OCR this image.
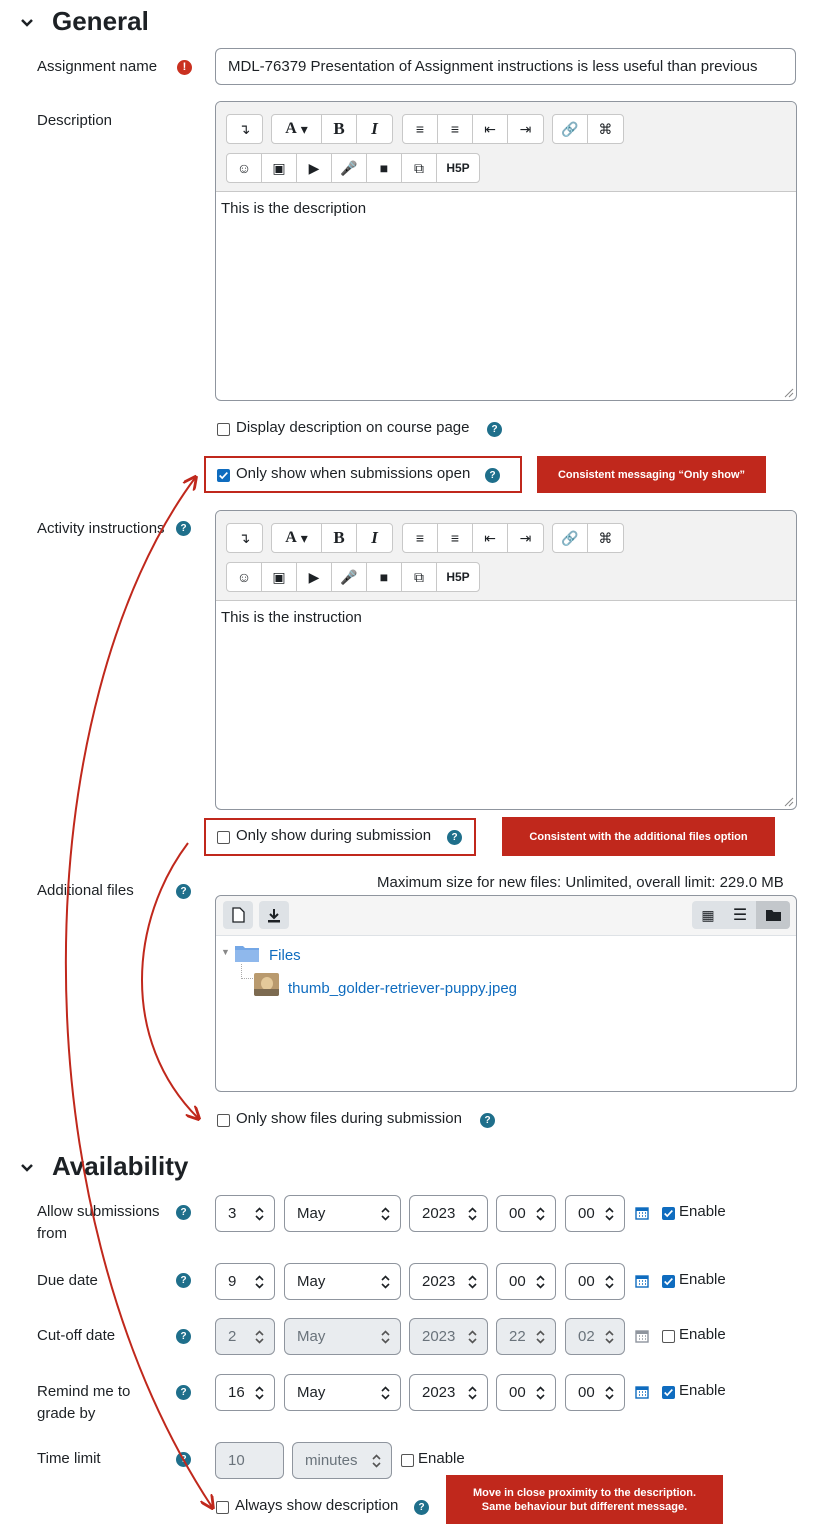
General
Assignment name	!	MDL-76379 Presentation of Assignment instructions is less useful than previous
Description	↴	A ▾	B I	≡	≡	⇤	⇥	🔗	⌘
☺	▣	▶	🎤	■	⧉	H5P
This is the description
Display description on course page	?
Only show when submissions open	?	Consistent messaging “Only show”
Activity instructions	?
↴	A ▾	B I	≡	≡	⇤	⇥	🔗	⌘
☺	▣	▶	🎤	■	⧉	H5P
This is the instruction
Only show during submission	?	Consistent with the additional files option
Additional files	?
Maximum size for new files: Unlimited, overall limit: 229.0 MB
▦	☰
▼	Files
thumb_golder-retriever-puppy.jpeg
Only show files during submission	?
Availability
Allow submissions
from
?	3	May	2023	00	00	Enable
Due date	?	9	May	2023	00	00	Enable
Cut-off date	?	2	May	2023	22	02	Enable
Remind me to
grade by
?	16	May	2023	00	00	Enable
Time limit	?	10	minutes	Enable
Always show description	?
Move in close proximity to the description.
Same behaviour but different message.
